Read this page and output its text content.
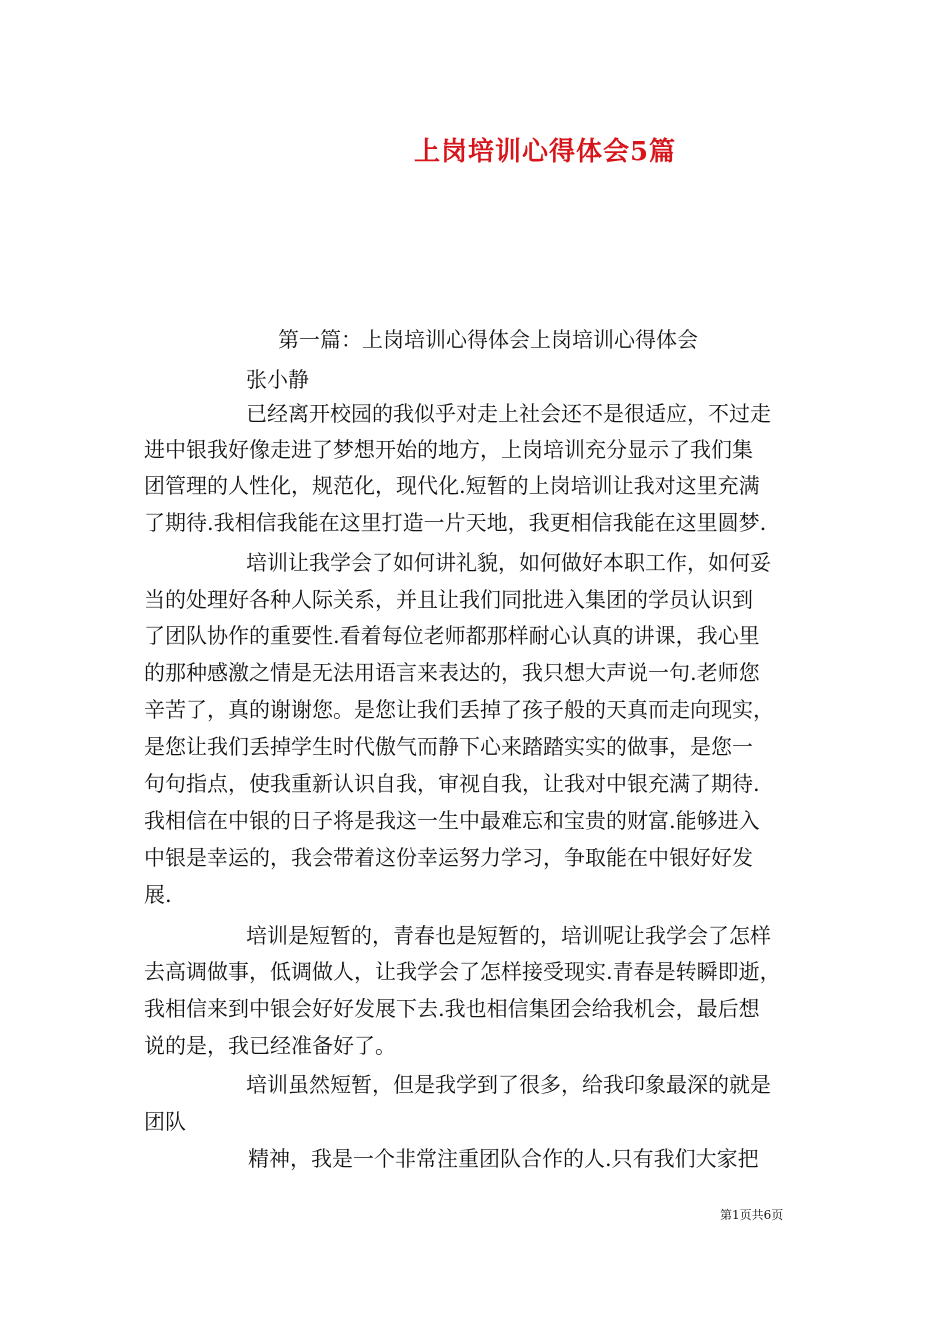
上岗培训心得体会5篇
第一篇：上岗培训心得体会上岗培训心得体会
张小静
已经离开校园的我似乎对走上社会还不是很适应，不过走
进中银我好像走进了梦想开始的地方，上岗培训充分显示了我们集
团管理的人性化，规范化，现代化.短暂的上岗培训让我对这里充满
了期待.我相信我能在这里打造一片天地，我更相信我能在这里圆梦.
培训让我学会了如何讲礼貌，如何做好本职工作，如何妥
当的处理好各种人际关系，并且让我们同批进入集团的学员认识到
了团队协作的重要性.看着每位老师都那样耐心认真的讲课，我心里
的那种感激之情是无法用语言来表达的，我只想大声说一句.老师您
辛苦了，真的谢谢您。是您让我们丢掉了孩子般的天真而走向现实，
是您让我们丢掉学生时代傲气而静下心来踏踏实实的做事，是您一
句句指点，使我重新认识自我，审视自我，让我对中银充满了期待.
我相信在中银的日子将是我这一生中最难忘和宝贵的财富.能够进入
中银是幸运的，我会带着这份幸运努力学习，争取能在中银好好发
展.
培训是短暂的，青春也是短暂的，培训呢让我学会了怎样
去高调做事，低调做人，让我学会了怎样接受现实.青春是转瞬即逝，
我相信来到中银会好好发展下去.我也相信集团会给我机会，最后想
说的是，我已经准备好了。
培训虽然短暂，但是我学到了很多，给我印象最深的就是
团队
精神，我是一个非常注重团队合作的人.只有我们大家把
第1页共6页
